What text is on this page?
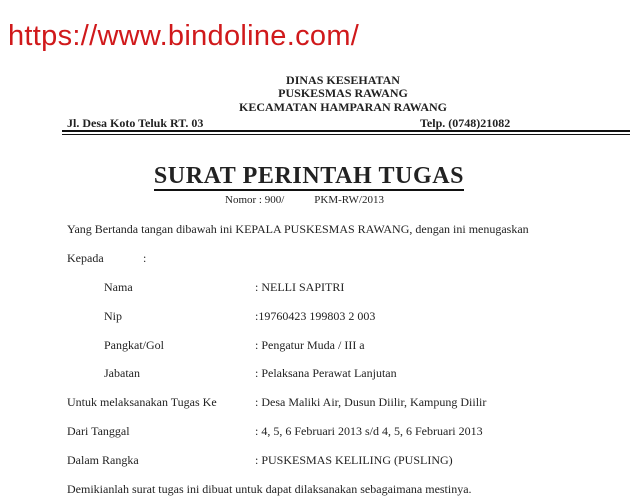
https://www.bindoline.com/
DINAS KESEHATAN
PUSKESMAS RAWANG
KECAMATAN HAMPARAN RAWANG
Jl. Desa Koto Teluk RT. 03	Telp. (0748)21082
SURAT PERINTAH TUGAS
Nomor : 900/	PKM-RW/2013
Yang Bertanda tangan dibawah ini KEPALA PUSKESMAS RAWANG, dengan ini menugaskan
Kepada	:
Nama	: NELLI SAPITRI
Nip	:19760423 199803 2 003
Pangkat/Gol	: Pengatur Muda / III a
Jabatan	: Pelaksana Perawat Lanjutan
Untuk melaksanakan Tugas Ke	: Desa Maliki Air, Dusun Diilir, Kampung Diilir
Dari Tanggal	: 4, 5, 6 Februari 2013 s/d 4, 5, 6 Februari 2013
Dalam Rangka	: PUSKESMAS KELILING (PUSLING)
Demikianlah surat tugas ini dibuat untuk dapat dilaksanakan sebagaimana mestinya.
